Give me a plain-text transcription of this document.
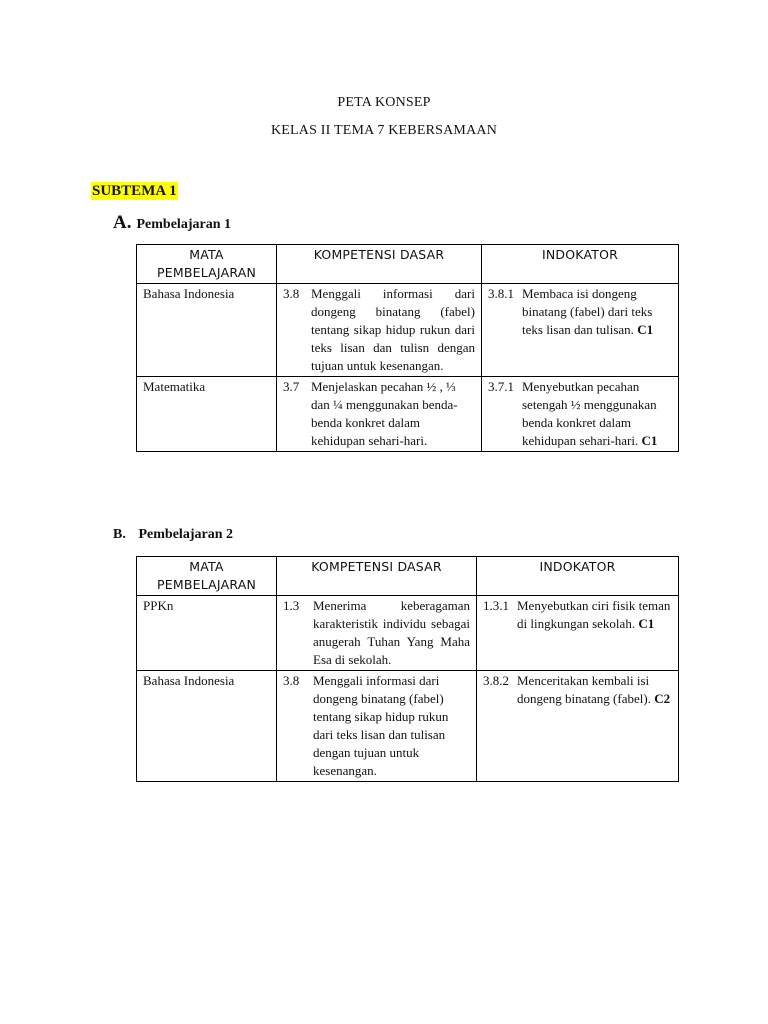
PETA KONSEP
KELAS II TEMA 7 KEBERSAMAAN
SUBTEMA 1
A. Pembelajaran 1
MATA PEMBELAJARAN	KOMPETENSI DASAR	INDOKATOR
Bahasa Indonesia	3.8 Menggali informasi dari dongeng binatang (fabel) tentang sikap hidup rukun dari teks lisan dan tulisn dengan tujuan untuk kesenangan.	3.8.1 Membaca isi dongeng binatang (fabel) dari teks teks lisan dan tulisan. C1

Matematika	3.7 Menjelaskan pecahan ½ , ⅓ dan ¼ menggunakan benda-benda konkret dalam kehidupan sehari-hari.	3.7.1 Menyebutkan pecahan setengah ½ menggunakan benda konkret dalam kehidupan sehari-hari. C1
B. Pembelajaran 2
MATA PEMBELAJARAN	KOMPETENSI DASAR	INDOKATOR
PPKn	1.3 Menerima keberagaman karakteristik individu sebagai anugerah Tuhan Yang Maha Esa di sekolah.	1.3.1 Menyebutkan ciri fisik teman di lingkungan sekolah. C1

Bahasa Indonesia	3.8 Menggali informasi dari dongeng binatang (fabel) tentang sikap hidup rukun dari teks lisan dan tulisan dengan tujuan untuk kesenangan.	3.8.2 Menceritakan kembali isi dongeng binatang (fabel). C2
